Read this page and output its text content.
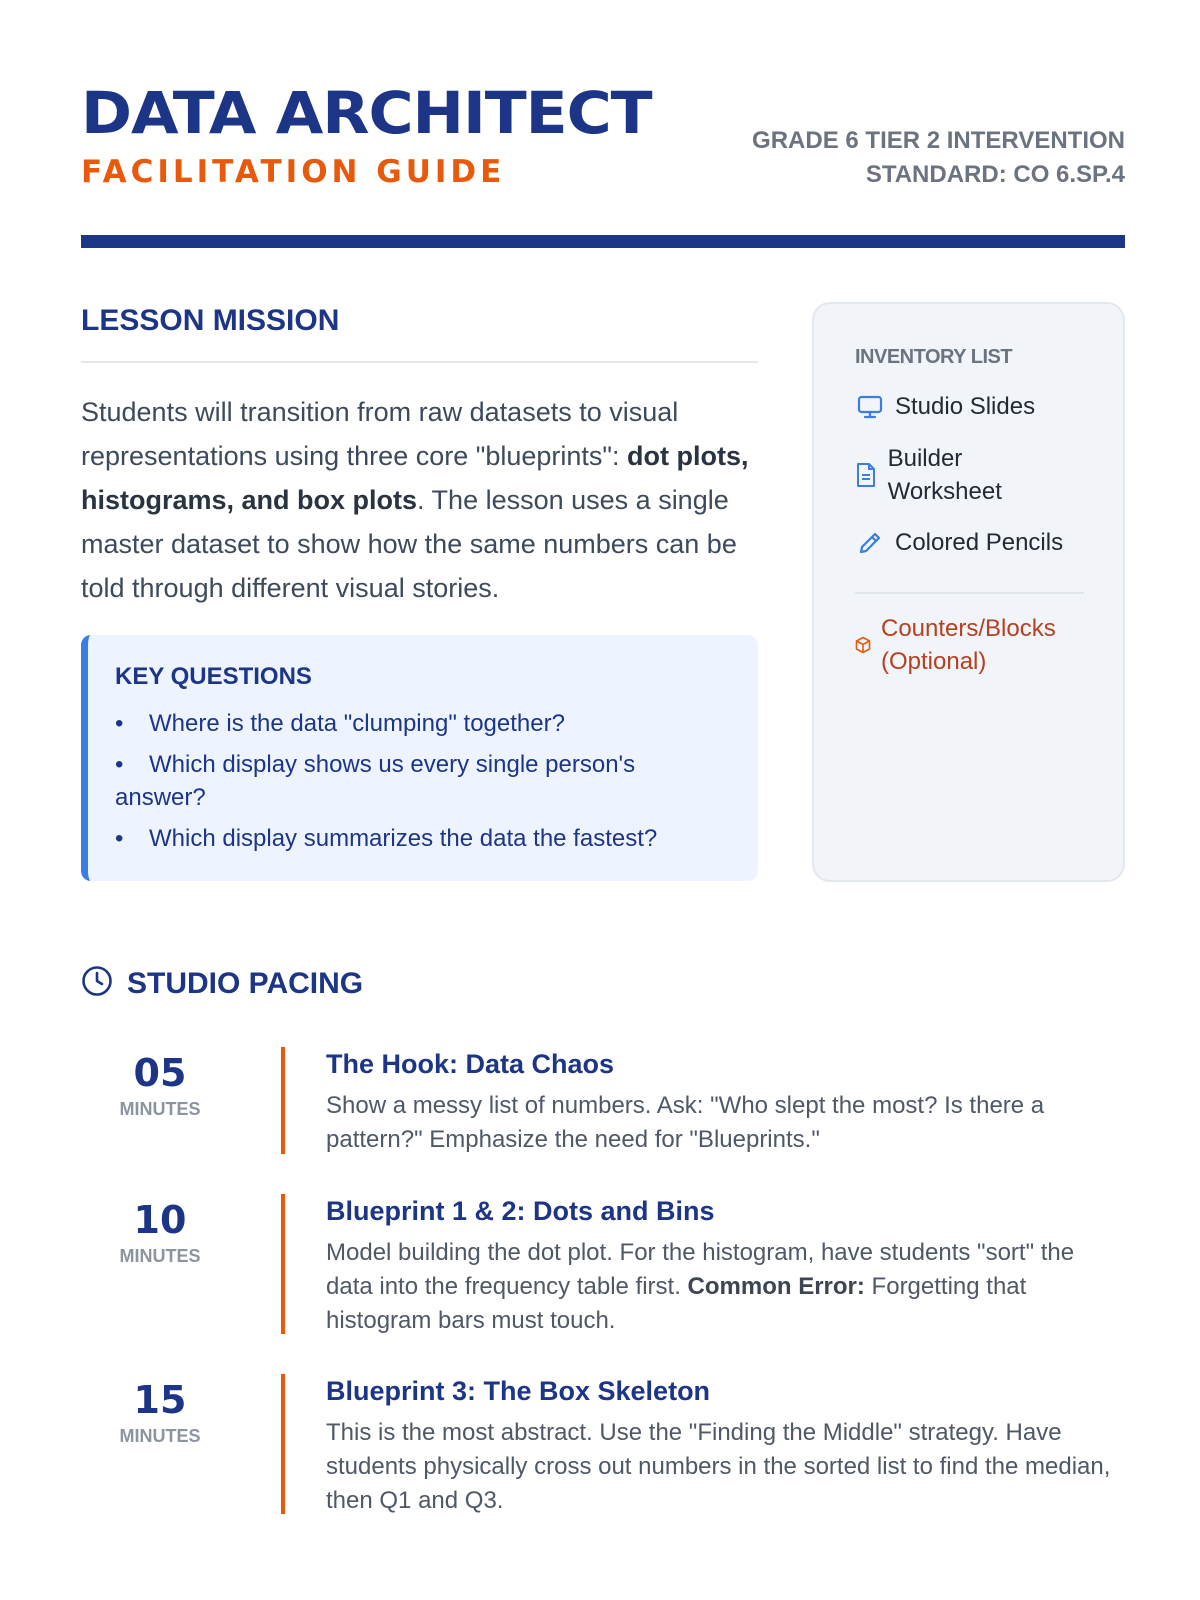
DATA ARCHITECT
FACILITATION GUIDE
GRADE 6 TIER 2 INTERVENTION
STANDARD: CO 6.SP.4
LESSON MISSION
Students will transition from raw datasets to visual representations using three core "blueprints": dot plots, histograms, and box plots. The lesson uses a single master dataset to show how the same numbers can be told through different visual stories.
KEY QUESTIONS
• Where is the data "clumping" together?
• Which display shows us every single person's answer?
• Which display summarizes the data the fastest?
INVENTORY LIST
Studio Slides
Builder Worksheet
Colored Pencils
Counters/Blocks (Optional)
STUDIO PACING
05
MINUTES
The Hook: Data Chaos
Show a messy list of numbers. Ask: "Who slept the most? Is there a pattern?" Emphasize the need for "Blueprints."
10
MINUTES
Blueprint 1 & 2: Dots and Bins
Model building the dot plot. For the histogram, have students "sort" the data into the frequency table first. Common Error: Forgetting that histogram bars must touch.
15
MINUTES
Blueprint 3: The Box Skeleton
This is the most abstract. Use the "Finding the Middle" strategy. Have students physically cross out numbers in the sorted list to find the median, then Q1 and Q3.
